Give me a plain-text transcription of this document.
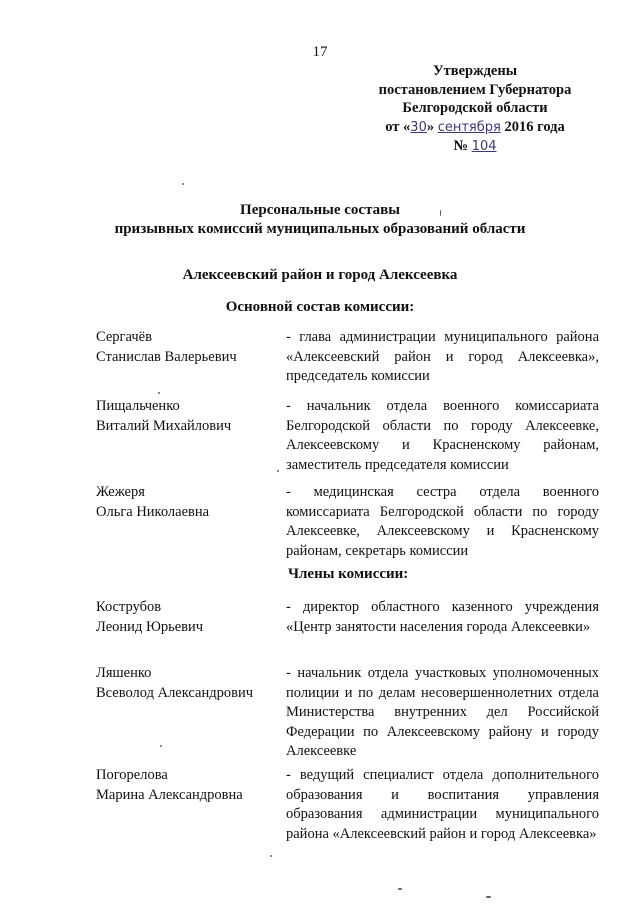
17
Утверждены
постановлением Губернатора
Белгородской области
от «30» сентября 2016 года
№ 104
Персональные составы
призывных комиссий муниципальных образований области
Алексеевский район и город Алексеевка
Основной состав комиссии:
Сергачёв
Станислав Валерьевич
- глава администрации муниципального района «Алексеевский район и город Алексеевка», председатель комиссии
Пищальченко
Виталий Михайлович
- начальник отдела военного комиссариата Белгородской области по городу Алексеевке, Алексеевскому и Красненскому районам, заместитель председателя комиссии
Жежеря
Ольга Николаевна
- медицинская сестра отдела военного комиссариата Белгородской области по городу Алексеевке, Алексеевскому и Красненскому районам, секретарь комиссии
Члены комиссии:
Кострубов
Леонид Юрьевич
- директор областного казенного учреждения «Центр занятости населения города Алексеевки»
Ляшенко
Всеволод Александрович
- начальник отдела участковых уполномоченных полиции и по делам несовершеннолетних отдела Министерства внутренних дел Российской Федерации по Алексеевскому району и городу Алексеевке
Погорелова
Марина Александровна
- ведущий специалист отдела дополнительного образования и воспитания управления образования администрации муниципального района «Алексеевский район и город Алексеевка»
